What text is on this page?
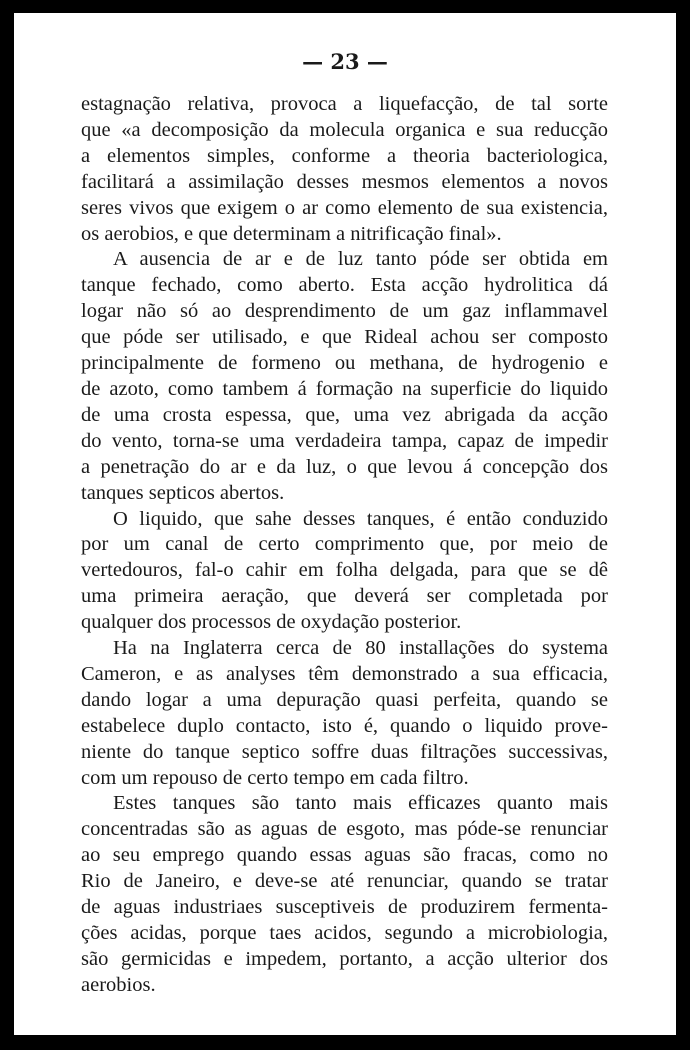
— 23 —
estagnação relativa, provoca a liquefacção, de tal sorte
que «a decomposição da molecula organica e sua reducção
a elementos simples, conforme a theoria bacteriologica,
facilitará a assimilação desses mesmos elementos a novos
seres vivos que exigem o ar como elemento de sua existencia,
os aerobios, e que determinam a nitrificação final».
A ausencia de ar e de luz tanto póde ser obtida em
tanque fechado, como aberto. Esta acção hydrolitica dá
logar não só ao desprendimento de um gaz inflammavel
que póde ser utilisado, e que Rideal achou ser composto
principalmente de formeno ou methana, de hydrogenio e
de azoto, como tambem á formação na superficie do liquido
de uma crosta espessa, que, uma vez abrigada da acção
do vento, torna-se uma verdadeira tampa, capaz de impedir
a penetração do ar e da luz, o que levou á concepção dos
tanques septicos abertos.
O liquido, que sahe desses tanques, é então conduzido
por um canal de certo comprimento que, por meio de
vertedouros, fal-o cahir em folha delgada, para que se dê
uma primeira aeração, que deverá ser completada por
qualquer dos processos de oxydação posterior.
Ha na Inglaterra cerca de 80 installações do systema
Cameron, e as analyses têm demonstrado a sua efficacia,
dando logar a uma depuração quasi perfeita, quando se
estabelece duplo contacto, isto é, quando o liquido prove-
niente do tanque septico soffre duas filtrações successivas,
com um repouso de certo tempo em cada filtro.
Estes tanques são tanto mais efficazes quanto mais
concentradas são as aguas de esgoto, mas póde-se renunciar
ao seu emprego quando essas aguas são fracas, como no
Rio de Janeiro, e deve-se até renunciar, quando se tratar
de aguas industriaes susceptiveis de produzirem fermenta-
ções acidas, porque taes acidos, segundo a microbiologia,
são germicidas e impedem, portanto, a acção ulterior dos
aerobios.
